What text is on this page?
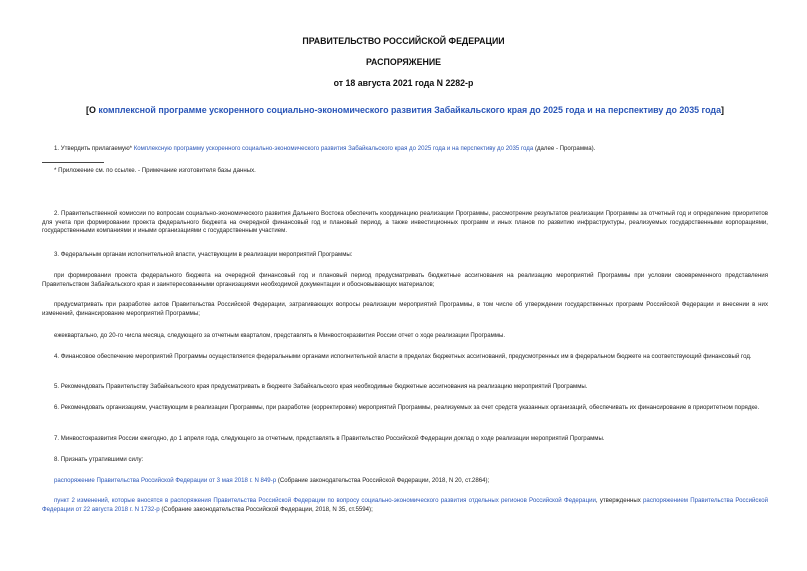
ПРАВИТЕЛЬСТВО РОССИЙСКОЙ ФЕДЕРАЦИИ
РАСПОРЯЖЕНИЕ
от 18 августа 2021 года N 2282-р
[О комплексной программе ускоренного социально-экономического развития Забайкальского края до 2025 года и на перспективу до 2035 года]
1. Утвердить прилагаемую* Комплексную программу ускоренного социально-экономического развития Забайкальского края до 2025 года и на перспективу до 2035 года (далее - Программа).
* Приложение см. по ссылке. - Примечание изготовителя базы данных.
2. Правительственной комиссии по вопросам социально-экономического развития Дальнего Востока обеспечить координацию реализации Программы, рассмотрение результатов реализации Программы за отчетный год и определение приоритетов для учета при формировании проекта федерального бюджета на очередной финансовый год и плановый период, а также инвестиционных программ и иных планов по развитию инфраструктуры, реализуемых государственными корпорациями, государственными компаниями и иными организациями с государственным участием.
3. Федеральным органам исполнительной власти, участвующим в реализации мероприятий Программы:
при формировании проекта федерального бюджета на очередной финансовый год и плановый период предусматривать бюджетные ассигнования на реализацию мероприятий Программы при условии своевременного представления Правительством Забайкальского края и заинтересованными организациями необходимой документации и обосновывающих материалов;
предусматривать при разработке актов Правительства Российской Федерации, затрагивающих вопросы реализации мероприятий Программы, в том числе об утверждении государственных программ Российской Федерации и внесении в них изменений, финансирование мероприятий Программы;
ежеквартально, до 20-го числа месяца, следующего за отчетным кварталом, представлять в Минвостокразвития России отчет о ходе реализации Программы.
4. Финансовое обеспечение мероприятий Программы осуществляется федеральными органами исполнительной власти в пределах бюджетных ассигнований, предусмотренных им в федеральном бюджете на соответствующий финансовый год.
5. Рекомендовать Правительству Забайкальского края предусматривать в бюджете Забайкальского края необходимые бюджетные ассигнования на реализацию мероприятий Программы.
6. Рекомендовать организациям, участвующим в реализации Программы, при разработке (корректировке) мероприятий Программы, реализуемых за счет средств указанных организаций, обеспечивать их финансирование в приоритетном порядке.
7. Минвостокразвития России ежегодно, до 1 апреля года, следующего за отчетным, представлять в Правительство Российской Федерации доклад о ходе реализации мероприятий Программы.
8. Признать утратившими силу:
распоряжение Правительства Российской Федерации от 3 мая 2018 г. N 849-р (Собрание законодательства Российской Федерации, 2018, N 20, ст.2864);
пункт 2 изменений, которые вносятся в распоряжения Правительства Российской Федерации по вопросу социально-экономического развития отдельных регионов Российской Федерации, утвержденных распоряжением Правительства Российской Федерации от 22 августа 2018 г. N 1732-р (Собрание законодательства Российской Федерации, 2018, N 35, ст.5594);
